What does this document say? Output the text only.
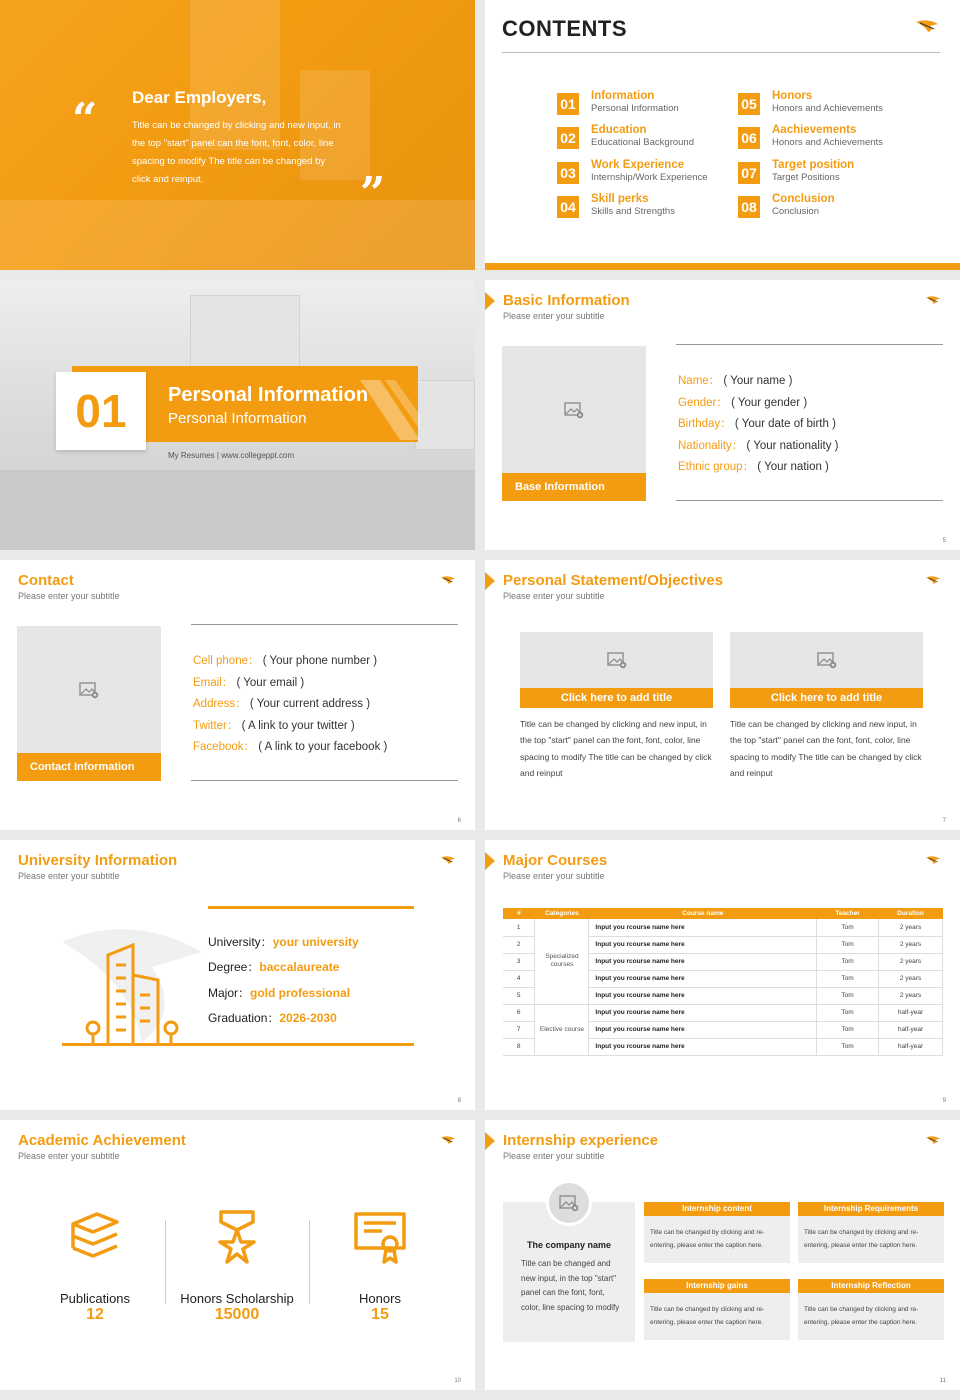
“ Dear Employers,
Title can be changed by clicking and new input, in the top "start" panel can the font, font, color, line spacing to modify The title can be changed by click and reinput.	”
CONTENTS
01 Information
Personal Information
02 Education
Educational Background
03 Work Experience
Internship/Work Experience
04 Skill perks
Skills and Strengths
05 Honors
Honors and Achievements
06 Aachievements
Honors and Achievements
07 Target position
Target Positions
08 Conclusion
Conclusion
01	Personal Information
Personal Information
My Resumes | www.collegeppt.com
Basic Information
Please enter your subtitle
Base Information
Name： ( Your name )
Gender： ( Your gender )
Birthday： ( Your date of birth )
Nationality： ( Your nationality )
Ethnic group： ( Your nation )
5
Contact
Please enter your subtitle
Contact Information
Cell phone： ( Your phone number )
Email： ( Your email )
Address： ( Your current address )
Twitter： ( A link to your twitter )
Facebook： ( A link to your facebook )
6
Personal Statement/Objectives
Please enter your subtitle
Click here to add title
Title can be changed by clicking and new input, in the top "start" panel can the font, font, color, line spacing to modify The title can be changed by click and reinput
Click here to add title
Title can be changed by clicking and new input, in the top "start" panel can the font, font, color, line spacing to modify The title can be changed by click and reinput
7
University Information
Please enter your subtitle
University：your university
Degree：baccalaureate
Major：gold professional
Graduation：2026-2030
8
Major Courses
Please enter your subtitle
#	Categories	Course name	Teacher	Duration
1	Specialized courses	Input you rcourse name here	Tom	2 years
2		Input you rcourse name here	Tom	2 years
3		Input you rcourse name here	Tom	2 years
4		Input you rcourse name here	Tom	2 years
5		Input you rcourse name here	Tom	2 years
6	Elective course	Input you rcourse name here	Tom	half-year
7		Input you rcourse name here	Tom	half-year
8		Input you rcourse name here	Tom	half-year
9
Academic Achievement
Please enter your subtitle
Publications
12
Honors Scholarship
15000
Honors
15
10
Internship experience
Please enter your subtitle
The company name
Title can be changed and new input, in the top "start" panel can the font, font, color, line spacing to modify
Internship content
Title can be changed by clicking and re-entering, please enter the caption here.
Internship Requirements
Title can be changed by clicking and re-entering, please enter the caption here.
Internship gains
Title can be changed by clicking and re-entering, please enter the caption here.
Internship Reflection
Title can be changed by clicking and re-entering, please enter the caption here.
11
